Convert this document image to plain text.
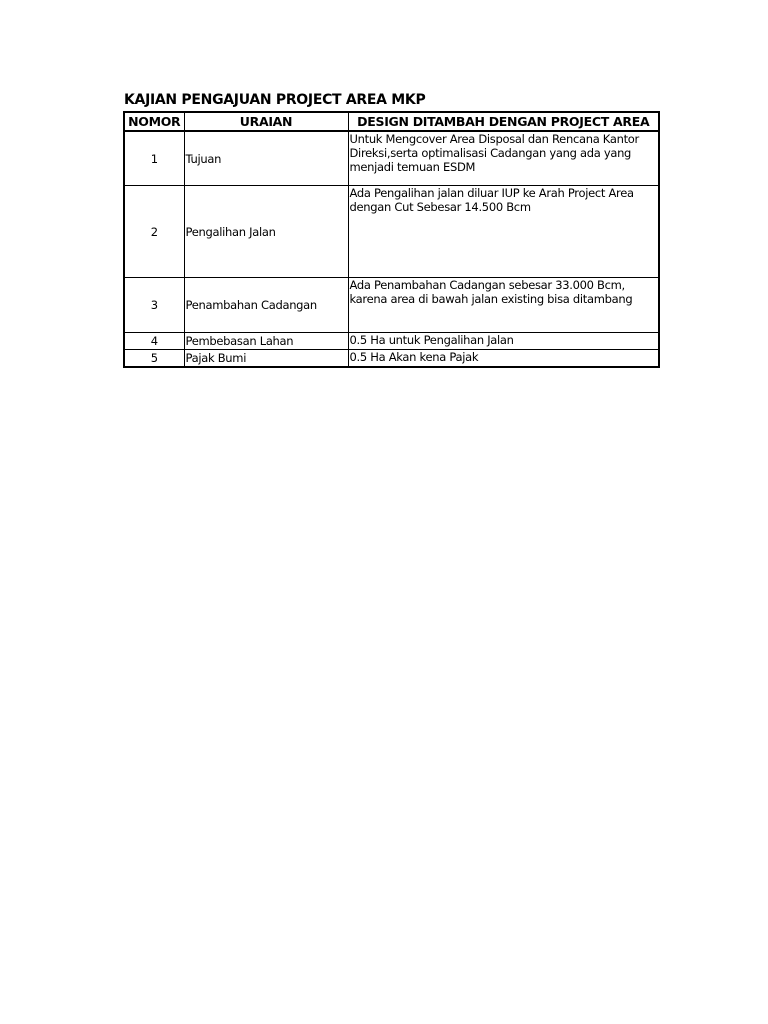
KAJIAN PENGAJUAN PROJECT AREA MKP
NOMOR	URAIAN	DESIGN DITAMBAH DENGAN PROJECT AREA
1	Tujuan	Untuk Mengcover Area Disposal dan Rencana Kantor Direksi,serta optimalisasi Cadangan yang ada yang menjadi temuan ESDM
2	Pengalihan Jalan	Ada Pengalihan jalan diluar IUP ke Arah Project Area dengan Cut Sebesar 14.500 Bcm
3	Penambahan Cadangan	Ada Penambahan Cadangan sebesar 33.000 Bcm, karena area di bawah jalan existing bisa ditambang
4	Pembebasan Lahan	0.5 Ha untuk Pengalihan Jalan
5	Pajak Bumi	0.5 Ha Akan kena Pajak
